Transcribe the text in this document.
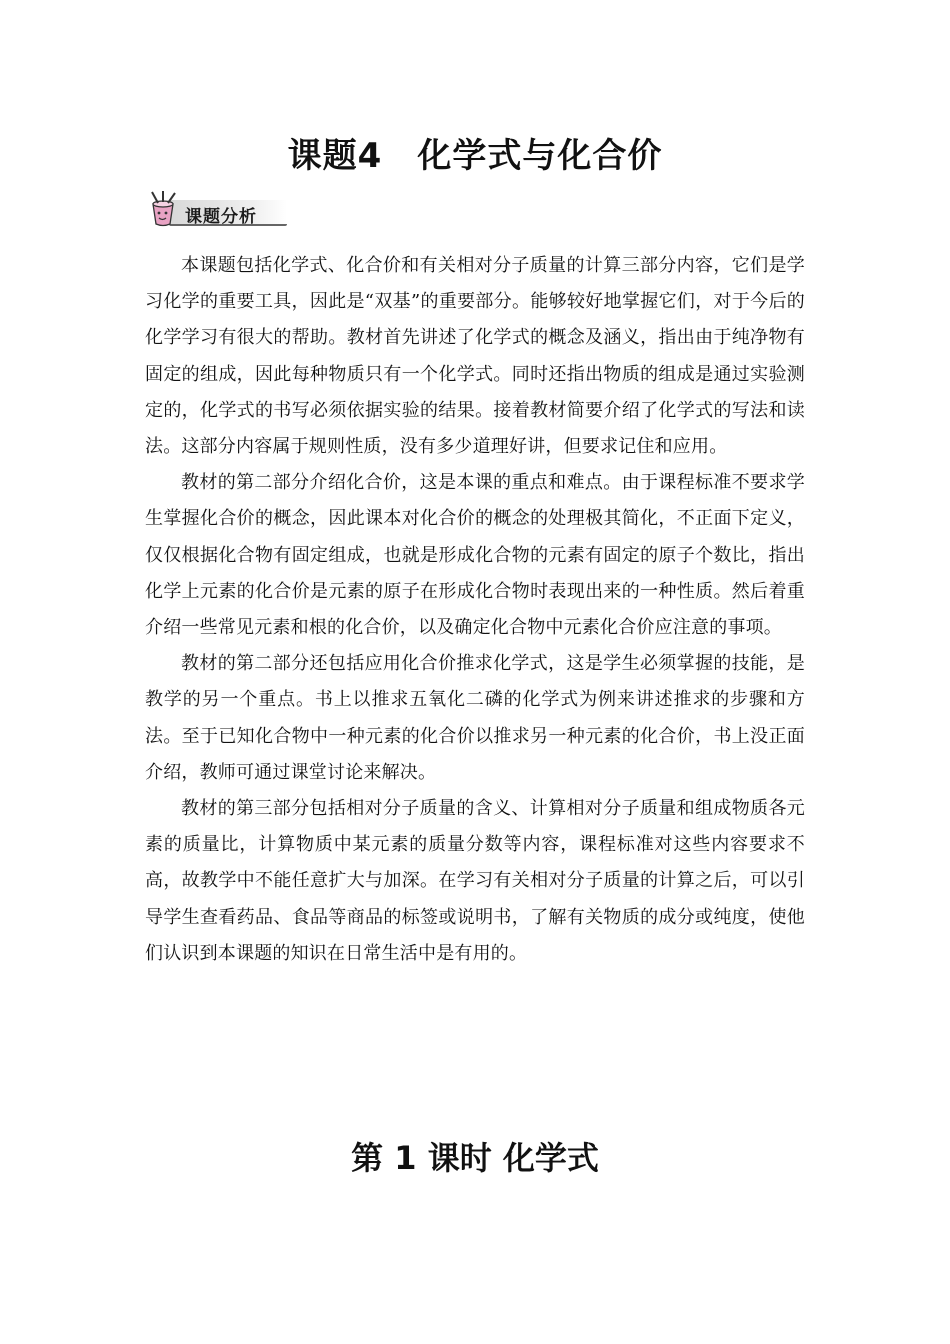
课题4　化学式与化合价
课题分析

本课题包括化学式、化合价和有关相对分子质量的计算三部分内容，它们是学习化学的重要工具，因此是“双基”的重要部分。能够较好地掌握它们，对于今后的化学学习有很大的帮助。教材首先讲述了化学式的概念及涵义，指出由于纯净物有固定的组成，因此每种物质只有一个化学式。同时还指出物质的组成是通过实验测定的，化学式的书写必须依据实验的结果。接着教材简要介绍了化学式的写法和读法。这部分内容属于规则性质，没有多少道理好讲，但要求记住和应用。

教材的第二部分介绍化合价，这是本课的重点和难点。由于课程标准不要求学生掌握化合价的概念，因此课本对化合价的概念的处理极其简化，不正面下定义，仅仅根据化合物有固定组成，也就是形成化合物的元素有固定的原子个数比，指出化学上元素的化合价是元素的原子在形成化合物时表现出来的一种性质。然后着重介绍一些常见元素和根的化合价，以及确定化合物中元素化合价应注意的事项。

教材的第二部分还包括应用化合价推求化学式，这是学生必须掌握的技能，是教学的另一个重点。书上以推求五氧化二磷的化学式为例来讲述推求的步骤和方法。至于已知化合物中一种元素的化合价以推求另一种元素的化合价，书上没正面介绍，教师可通过课堂讨论来解决。

教材的第三部分包括相对分子质量的含义、计算相对分子质量和组成物质各元素的质量比，计算物质中某元素的质量分数等内容，课程标准对这些内容要求不高，故教学中不能任意扩大与加深。在学习有关相对分子质量的计算之后，可以引导学生查看药品、食品等商品的标签或说明书，了解有关物质的成分或纯度，使他们认识到本课题的知识在日常生活中是有用的。

第 1 课时 化学式
